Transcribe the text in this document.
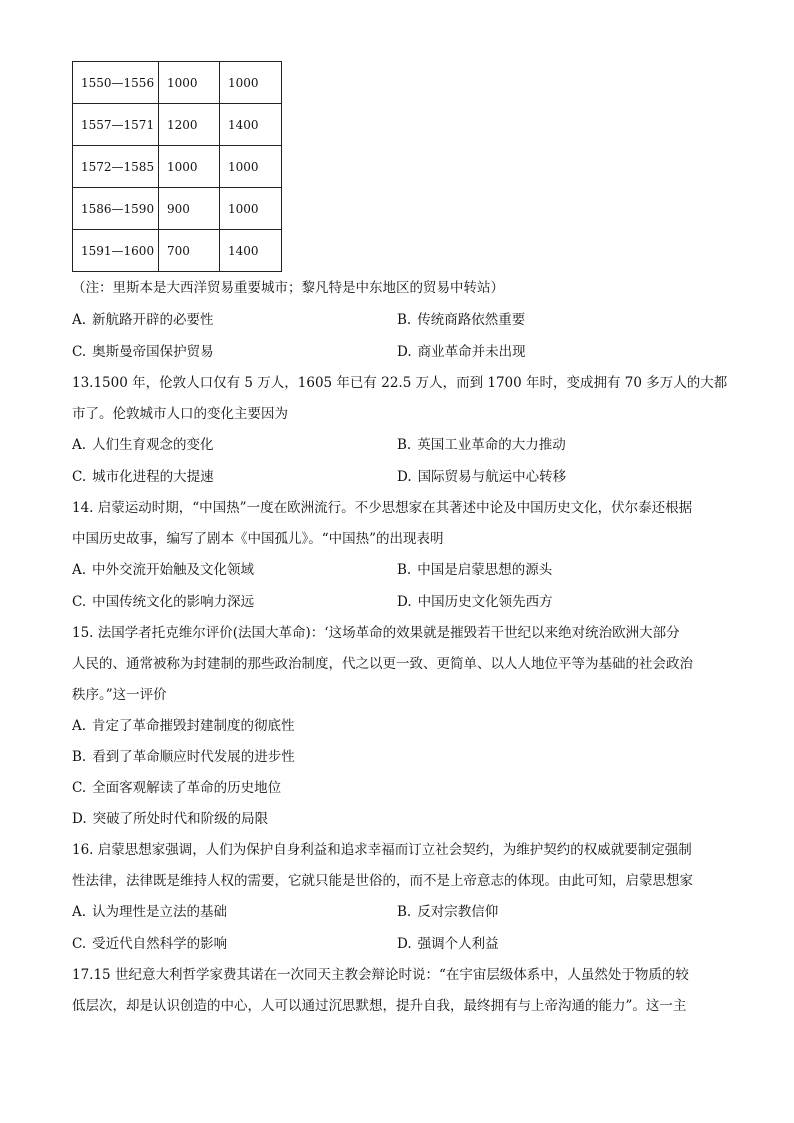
1550—1556	1000	1000
1557—1571	1200	1400
1572—1585	1000	1000
1586—1590	900	1000
1591—1600	700	1400
（注：里斯本是大西洋贸易重要城市；黎凡特是中东地区的贸易中转站）
A. 新航路开辟的必要性	B. 传统商路依然重要
C. 奥斯曼帝国保护贸易	D. 商业革命并未出现
13.1500 年，伦敦人口仅有 5 万人，1605 年已有 22.5 万人，而到 1700 年时，变成拥有 70 多万人的大都
市了。伦敦城市人口的变化主要因为
A. 人们生育观念的变化	B. 英国工业革命的大力推动
C. 城市化进程的大提速	D. 国际贸易与航运中心转移
14. 启蒙运动时期，“中国热”一度在欧洲流行。不少思想家在其著述中论及中国历史文化，伏尔泰还根据
中国历史故事，编写了剧本《中国孤儿》。“中国热”的出现表明
A. 中外交流开始触及文化领域	B. 中国是启蒙思想的源头
C. 中国传统文化的影响力深远	D. 中国历史文化领先西方
15. 法国学者托克维尔评价(法国大革命)：‘这场革命的效果就是摧毁若干世纪以来绝对统治欧洲大部分
人民的、通常被称为封建制的那些政治制度，代之以更一致、更简单、以人人地位平等为基础的社会政治
秩序。”这一评价
A. 肯定了革命摧毁封建制度的彻底性
B. 看到了革命顺应时代发展的进步性
C. 全面客观解读了革命的历史地位
D. 突破了所处时代和阶级的局限
16. 启蒙思想家强调，人们为保护自身利益和追求幸福而订立社会契约，为维护契约的权威就要制定强制
性法律，法律既是维持人权的需要，它就只能是世俗的，而不是上帝意志的体现。由此可知，启蒙思想家
A. 认为理性是立法的基础	B. 反对宗教信仰
C. 受近代自然科学的影响	D. 强调个人利益
17.15 世纪意大利哲学家费其诺在一次同天主教会辩论时说：“在宇宙层级体系中，人虽然处于物质的较
低层次，却是认识创造的中心，人可以通过沉思默想，提升自我，最终拥有与上帝沟通的能力”。这一主
